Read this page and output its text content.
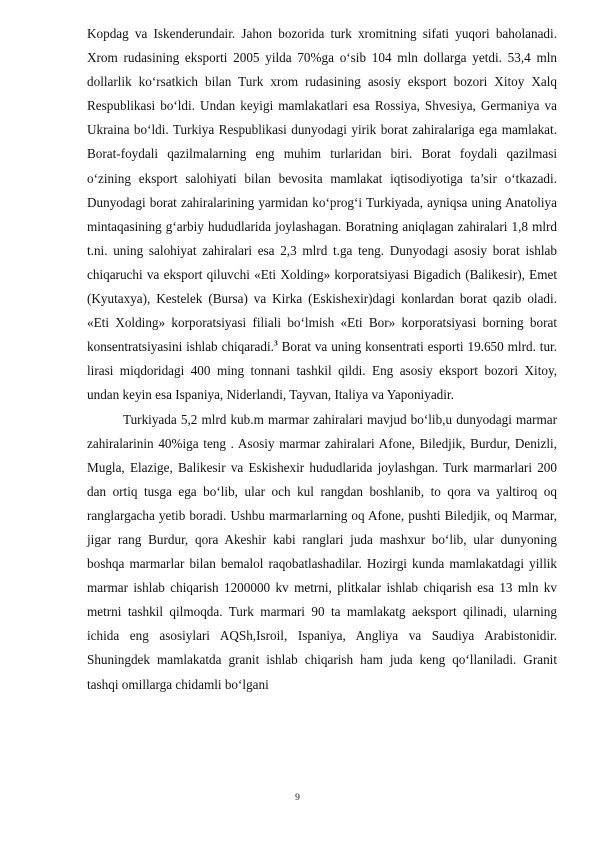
Kopdag va Iskenderundair. Jahon bozorida turk xromitning sifati yuqori baholanadi. Xrom rudasining eksporti 2005 yilda 70%ga o‘sib 104 mln dollarga yetdi. 53,4 mln dollarlik ko‘rsatkich bilan Turk xrom rudasining asosiy eksport bozori Xitoy Xalq Respublikasi bo‘ldi. Undan keyigi mamlakatlari esa Rossiya, Shvesiya, Germaniya va Ukraina bo‘ldi. Turkiya Respublikasi dunyodagi yirik borat zahiralariga ega mamlakat. Borat-foydali qazilmalarning eng muhim turlaridan biri. Borat foydali qazilmasi o‘zining eksport salohiyati bilan bevosita mamlakat iqtisodiyotiga ta’sir o‘tkazadi. Dunyodagi borat zahiralarining yarmidan ko‘prog‘i Turkiyada, ayniqsa uning Anatoliya mintaqasining g‘arbiy hududlarida joylashagan. Boratning aniqlagan zahiralari 1,8 mlrd t.ni. uning salohiyat zahiralari esa 2,3 mlrd t.ga teng. Dunyodagi asosiy borat ishlab chiqaruchi va eksport qiluvchi «Eti Xolding» korporatsiyasi Bigadich (Balikesir), Emet (Kyutaxya), Kestelek (Bursa) va Kirka (Eskishexir)dagi konlardan borat qazib oladi. «Eti Xolding» korporatsiyasi filiali bo‘lmish «Eti Bor» korporatsiyasi borning borat konsentratsiyasini ishlab chiqaradi.$^3$ Borat va uning konsentrati esporti 19.650 mlrd. tur. lirasi miqdoridagi 400 ming tonnani tashkil qildi. Eng asosiy eksport bozori Xitoy, undan keyin esa Ispaniya, Niderlandi, Tayvan, Italiya va Yaponiyadir.

Turkiyada 5,2 mlrd kub.m marmar zahiralari mavjud bo‘lib,u dunyodagi marmar zahiralarinin 40%iga teng . Asosiy marmar zahiralari Afone, Biledjik, Burdur, Denizli, Mugla, Elazige, Balikesir va Eskishexir hududlarida joylashgan. Turk marmarlari 200 dan ortiq tusga ega bo‘lib, ular och kul rangdan boshlanib, to qora va yaltiroq oq ranglargacha yetib boradi. Ushbu marmarlarning oq Afone, pushti Biledjik, oq Marmar, jigar rang Burdur, qora Akeshir kabi ranglari juda mashxur bo‘lib, ular dunyoning boshqa marmarlar bilan bemalol raqobatlashadilar. Hozirgi kunda mamlakatdagi yillik marmar ishlab chiqarish 1200000 kv metrni, plitkalar ishlab chiqarish esa 13 mln kv metrni tashkil qilmoqda. Turk marmari 90 ta mamlakatg aeksport qilinadi, ularning ichida eng asosiylari AQSh,Isroil, Ispaniya, Angliya va Saudiya Arabistonidir. Shuningdek mamlakatda granit ishlab chiqarish ham juda keng qo‘llaniladi. Granit tashqi omillarga chidamli bo‘lgani

9
